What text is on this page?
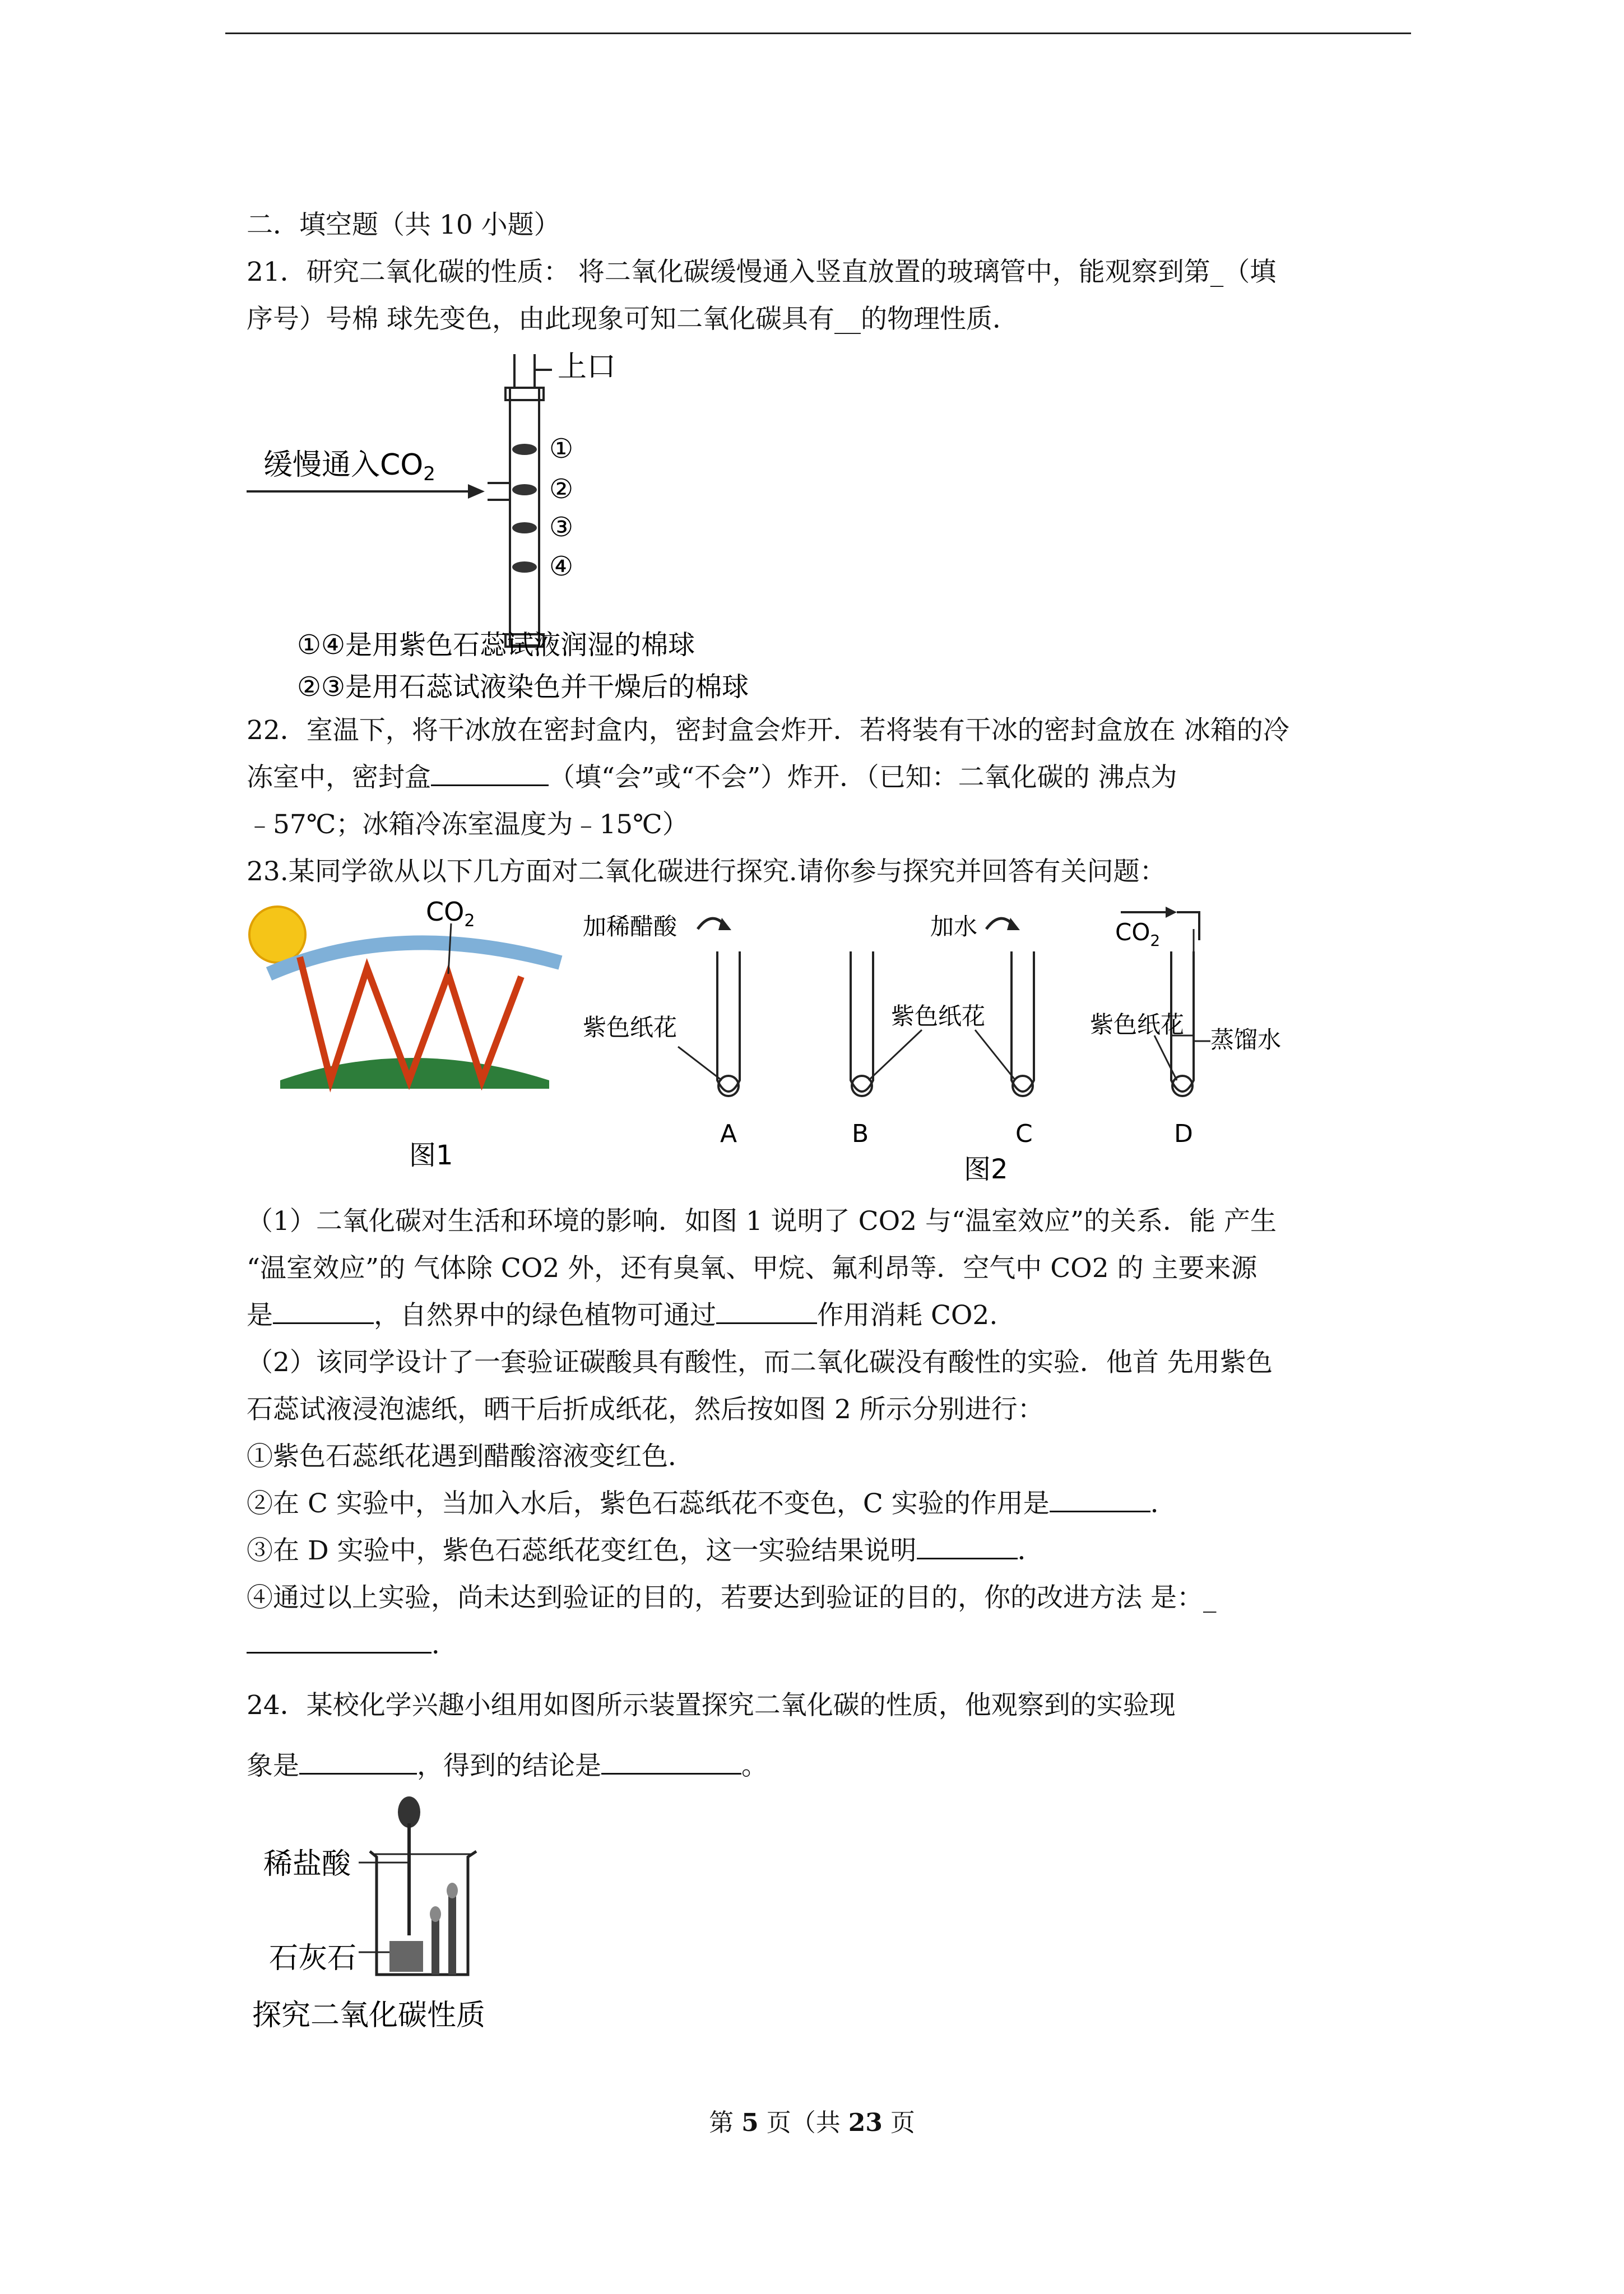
二．填空题（共 10 小题）

21．研究二氧化碳的性质： 将二氧化碳缓慢通入竖直放置的玻璃管中，能观察到第_（填

序号）号棉 球先变色，由此现象可知二氧化碳具有__的物理性质．

上口
缓慢通入CO2
①
②
③
④
①④是用紫色石蕊试液润湿的棉球
②③是用石蕊试液染色并干燥后的棉球

22．室温下，将干冰放在密封盒内，密封盒会炸开．若将装有干冰的密封盒放在 冰箱的冷

冻室中，密封盒	（填“会”或“不会”）炸开．（已知：二氧化碳的 沸点为

﹣57℃；冰箱冷冻室温度为﹣15℃）

23.某同学欲从以下几方面对二氧化碳进行探究.请你参与探究并回答有关问题：

$CO_2$
图1
加稀醋酸
紫色纸花
A	B
加水
紫色纸花
C
图2
$CO_2$
紫色纸花
蒸馏水
D

（1）二氧化碳对生活和环境的影响．如图 1 说明了 CO2 与“温室效应”的关系．能 产生

“温室效应”的 气体除 CO2 外，还有臭氧、甲烷、氟利昂等．空气中 CO2 的 主要来源

是	，自然界中的绿色植物可通过	作用消耗 CO2.

（2）该同学设计了一套验证碳酸具有酸性，而二氧化碳没有酸性的实验．他首 先用紫色

石蕊试液浸泡滤纸，晒干后折成纸花，然后按如图 2 所示分别进行：

①紫色石蕊纸花遇到醋酸溶液变红色．

②在 C 实验中，当加入水后，紫色石蕊纸花不变色，C 实验的作用是	．

③在 D 实验中，紫色石蕊纸花变红色，这一实验结果说明	．

④通过以上实验，尚未达到验证的目的，若要达到验证的目的，你的改进方法 是：_

．

24．某校化学兴趣小组用如图所示装置探究二氧化碳的性质，他观察到的实验现

象是	，得到的结论是	。

稀盐酸
石灰石
探究二氧化碳性质
第 5 页（共 23 页
